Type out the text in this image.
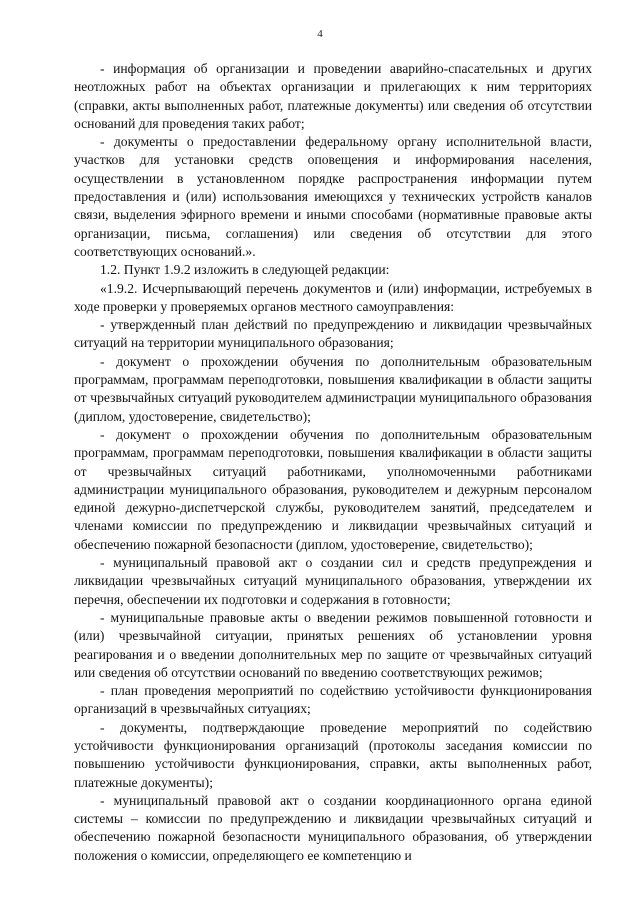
4

- информация об организации и проведении аварийно-спасательных и других неотложных работ на объектах организации и прилегающих к ним территориях (справки, акты выполненных работ, платежные документы) или сведения об отсутствии оснований для проведения таких работ;

- документы о предоставлении федеральному органу исполнительной власти, участков для установки средств оповещения и информирования населения, осуществлении в установленном порядке распространения информации путем предоставления и (или) использования имеющихся у технических устройств каналов связи, выделения эфирного времени и иными способами (нормативные правовые акты организации, письма, соглашения) или сведения об отсутствии для этого соответствующих оснований.».

1.2. Пункт 1.9.2 изложить в следующей редакции:

«1.9.2. Исчерпывающий перечень документов и (или) информации, истребуемых в ходе проверки у проверяемых органов местного самоуправления:

- утвержденный план действий по предупреждению и ликвидации чрезвычайных ситуаций на территории муниципального образования;

- документ о прохождении обучения по дополнительным образовательным программам, программам переподготовки, повышения квалификации в области защиты от чрезвычайных ситуаций руководителем администрации муниципального образования (диплом, удостоверение, свидетельство);

- документ о прохождении обучения по дополнительным образовательным программам, программам переподготовки, повышения квалификации в области защиты от чрезвычайных ситуаций работниками, уполномоченными работниками администрации муниципального образования, руководителем и дежурным персоналом единой дежурно-диспетчерской службы, руководителем занятий, председателем и членами комиссии по предупреждению и ликвидации чрезвычайных ситуаций и обеспечению пожарной безопасности (диплом, удостоверение, свидетельство);

- муниципальный правовой акт о создании сил и средств предупреждения и ликвидации чрезвычайных ситуаций муниципального образования, утверждении их перечня, обеспечении их подготовки и содержания в готовности;

- муниципальные правовые акты о введении режимов повышенной готовности и (или) чрезвычайной ситуации, принятых решениях об установлении уровня реагирования и о введении дополнительных мер по защите от чрезвычайных ситуаций или сведения об отсутствии оснований по введению соответствующих режимов;

- план проведения мероприятий по содействию устойчивости функционирования организаций в чрезвычайных ситуациях;

- документы, подтверждающие проведение мероприятий по содействию устойчивости функционирования организаций (протоколы заседания комиссии по повышению устойчивости функционирования, справки, акты выполненных работ, платежные документы);

- муниципальный правовой акт о создании координационного органа единой системы – комиссии по предупреждению и ликвидации чрезвычайных ситуаций и обеспечению пожарной безопасности муниципального образования, об утверждении положения о комиссии, определяющего ее компетенцию и
